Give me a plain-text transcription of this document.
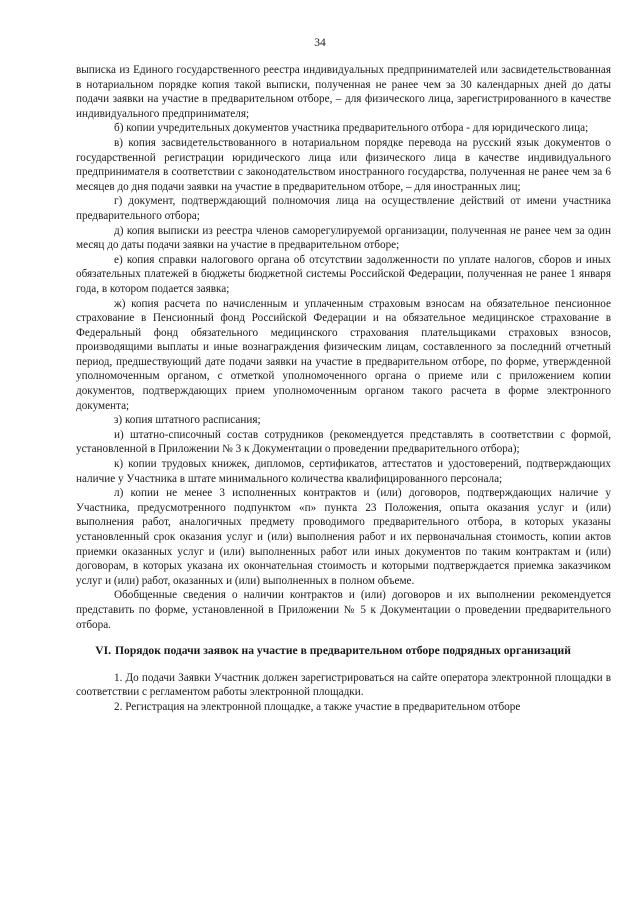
34

выписка из Единого государственного реестра индивидуальных предпринимателей или засвидетельствованная в нотариальном порядке копия такой выписки, полученная не ранее чем за 30 календарных дней до даты подачи заявки на участие в предварительном отборе, – для физического лица, зарегистрированного в качестве индивидуального предпринимателя;

б) копии учредительных документов участника предварительного отбора - для юридического лица;

в) копия засвидетельствованного в нотариальном порядке перевода на русский язык документов о государственной регистрации юридического лица или физического лица в качестве индивидуального предпринимателя в соответствии с законодательством иностранного государства, полученная не ранее чем за 6 месяцев до дня подачи заявки на участие в предварительном отборе, – для иностранных лиц;

г) документ, подтверждающий полномочия лица на осуществление действий от имени участника предварительного отбора;

д) копия выписки из реестра членов саморегулируемой организации, полученная не ранее чем за один месяц до даты подачи заявки на участие в предварительном отборе;

е) копия справки налогового органа об отсутствии задолженности по уплате налогов, сборов и иных обязательных платежей в бюджеты бюджетной системы Российской Федерации, полученная не ранее 1 января года, в котором подается заявка;

ж) копия расчета по начисленным и уплаченным страховым взносам на обязательное пенсионное страхование в Пенсионный фонд Российской Федерации и на обязательное медицинское страхование в Федеральный фонд обязательного медицинского страхования плательщиками страховых взносов, производящими выплаты и иные вознаграждения физическим лицам, составленного за последний отчетный период, предшествующий дате подачи заявки на участие в предварительном отборе, по форме, утвержденной уполномоченным органом, с отметкой уполномоченного органа о приеме или с приложением копии документов, подтверждающих прием уполномоченным органом такого расчета в форме электронного документа;

з) копия штатного расписания;

и) штатно-списочный состав сотрудников (рекомендуется представлять в соответствии с формой, установленной в Приложении № 3 к Документации о проведении предварительного отбора);

к) копии трудовых книжек, дипломов, сертификатов, аттестатов и удостоверений, подтверждающих наличие у Участника в штате минимального количества квалифицированного персонала;

л) копии не менее 3 исполненных контрактов и (или) договоров, подтверждающих наличие у Участника, предусмотренного подпунктом «п» пункта 23 Положения, опыта оказания услуг и (или) выполнения работ, аналогичных предмету проводимого предварительного отбора, в которых указаны установленный срок оказания услуг и (или) выполнения работ и их первоначальная стоимость, копии актов приемки оказанных услуг и (или) выполненных работ или иных документов по таким контрактам и (или) договорам, в которых указана их окончательная стоимость и которыми подтверждается приемка заказчиком услуг и (или) работ, оказанных и (или) выполненных в полном объеме.

Обобщенные сведения о наличии контрактов и (или) договоров и их выполнении рекомендуется представить по форме, установленной в Приложении № 5 к Документации о проведении предварительного отбора.

VI. Порядок подачи заявок на участие в предварительном отборе подрядных организаций

1. До подачи Заявки Участник должен зарегистрироваться на сайте оператора электронной площадки в соответствии с регламентом работы электронной площадки.

2. Регистрация на электронной площадке, а также участие в предварительном отборе
